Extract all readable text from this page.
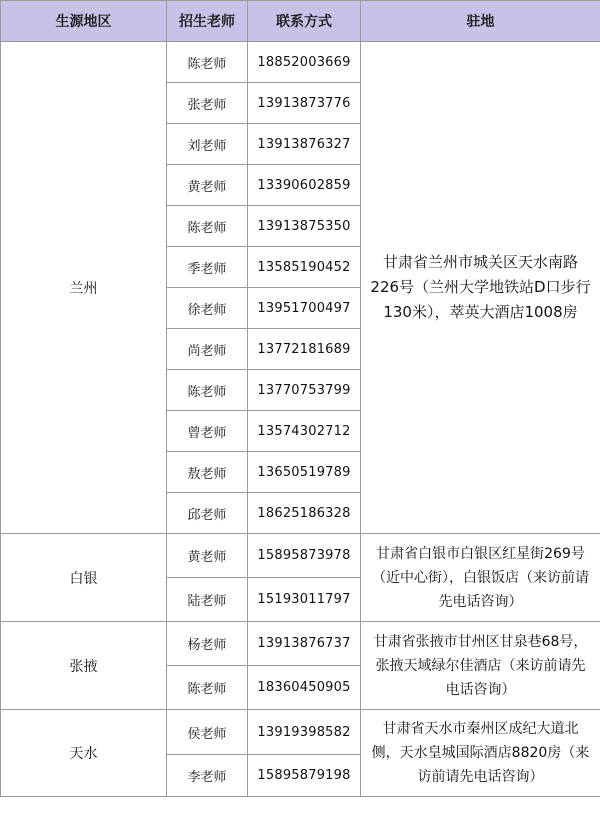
生源地区	招生老师	联系方式	驻地
兰州	陈老师	18852003669	甘肃省兰州市城关区天水南路226号（兰州大学地铁站D口步行130米），萃英大酒店1008房
	张老师	13913873776	
	刘老师	13913876327	
	黄老师	13390602859	
	陈老师	13913875350	
	季老师	13585190452	
	徐老师	13951700497	
	尚老师	13772181689	
	陈老师	13770753799	
	曾老师	13574302712	
	敖老师	13650519789	
	邱老师	18625186328	
白银	黄老师	15895873978	甘肃省白银市白银区红星街269号（近中心街），白银饭店（来访前请先电话咨询）
	陆老师	15193011797	
张掖	杨老师	13913876737	甘肃省张掖市甘州区甘泉巷68号，张掖天域绿尔佳酒店（来访前请先电话咨询）
	陈老师	18360450905	
天水	侯老师	13919398582	甘肃省天水市秦州区成纪大道北侧，天水皇城国际酒店8820房（来访前请先电话咨询）
	李老师	15895879198	
